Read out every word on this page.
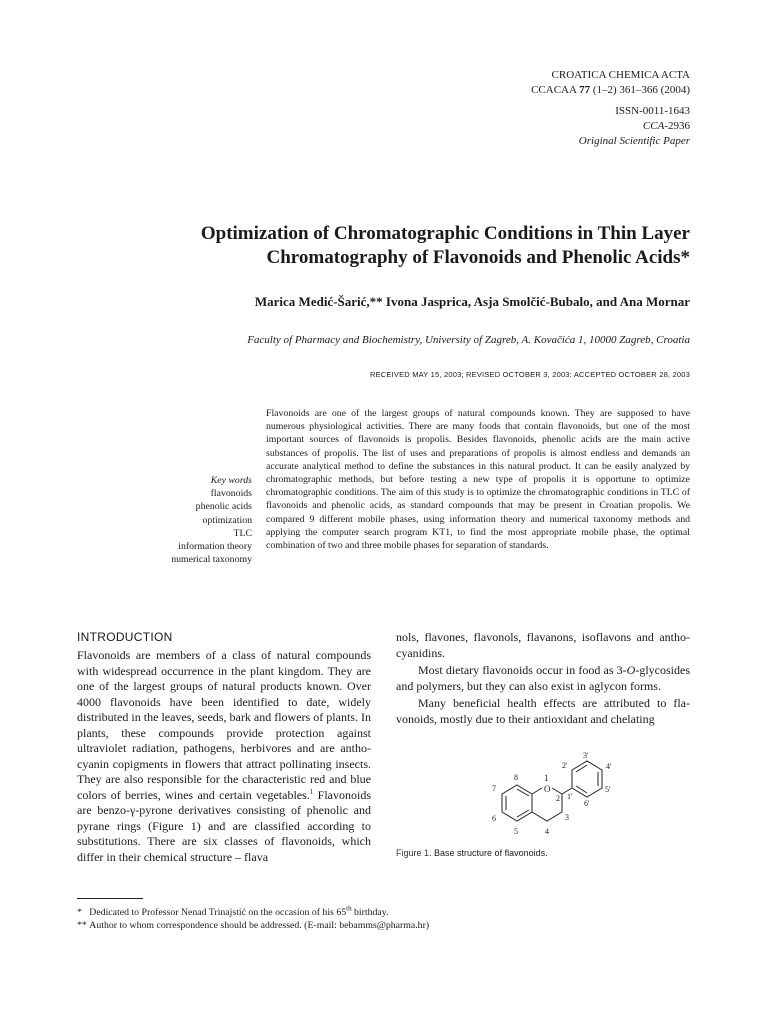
CROATICA CHEMICA ACTA
CCACAA 77 (1–2) 361–366 (2004)
ISSN-0011-1643
CCA-2936
Original Scientific Paper
Optimization of Chromatographic Conditions in Thin Layer
Chromatography of Flavonoids and Phenolic Acids*
Marica Medić-Šarić,** Ivona Jasprica, Asja Smolčić-Bubalo, and Ana Mornar
Faculty of Pharmacy and Biochemistry, University of Zagreb, A. Kovačića 1, 10000 Zagreb, Croatia
RECEIVED MAY 15, 2003; REVISED OCTOBER 3, 2003; ACCEPTED OCTOBER 28, 2003
Key words
flavonoids
phenolic acids
optimization
TLC
information theory
numerical taxonomy
Flavonoids are one of the largest groups of natural compounds known. They are supposed to have numerous physiological activities. There are many foods that contain flavonoids, but one of the most important sources of flavonoids is propolis. Besides flavonoids, phenolic acids are the main active substances of propolis. The list of uses and preparations of propolis is almost endless and demands an accurate analytical method to define the substances in this natural product. It can be easily analyzed by chromatographic methods, but before testing a new type of propolis it is opportune to optimize chromatographic conditions. The aim of this study is to optimize the chromatographic conditions in TLC of flavonoids and phenolic acids, as standard compounds that may be present in Croatian propolis. We compared 9 different mobile phases, using information theory and numerical taxonomy methods and applying the computer search program KT1, to find the most appropriate mobile phase, the optimal combination of two and three mobile phases for separation of standards.
INTRODUCTION

Flavonoids are members of a class of natural compounds with widespread occurrence in the plant kingdom. They are one of the largest groups of natural products known. Over 4000 flavonoids have been identified to date, widely distributed in the leaves, seeds, bark and flowers of plants. In plants, these compounds provide protection against ultraviolet radiation, pathogens, herbivores and are anthocyanin copigments in flowers that attract pollinating insects. They are also responsible for the characteristic red and blue colors of berries, wines and certain vegetables.$^1$ Flavonoids are benzo-γ-pyrone derivatives consisting of phenolic and pyrane rings (Figure 1) and are classified according to substitutions. There are six classes of flavonoids, which differ in their chemical structure – flava

nols, flavones, flavonols, flavanons, isoflavons and anthocyanidins.

Most dietary flavonoids occur in food as 3-O-glycosides and polymers, but they can also exist in aglycon forms.

Many beneficial health effects are attributed to flavonoids, mostly due to their antioxidant and chelating

O
1
2
3
4
5
6
7
8
1'
2'
3'
4'
5'
6'
Figure 1. Base structure of flavonoids.
* Dedicated to Professor Nenad Trinajstić on the occasion of his 65th birthday.
** Author to whom correspondence should be addressed. (E-mail: bebamms@pharma.hr)
